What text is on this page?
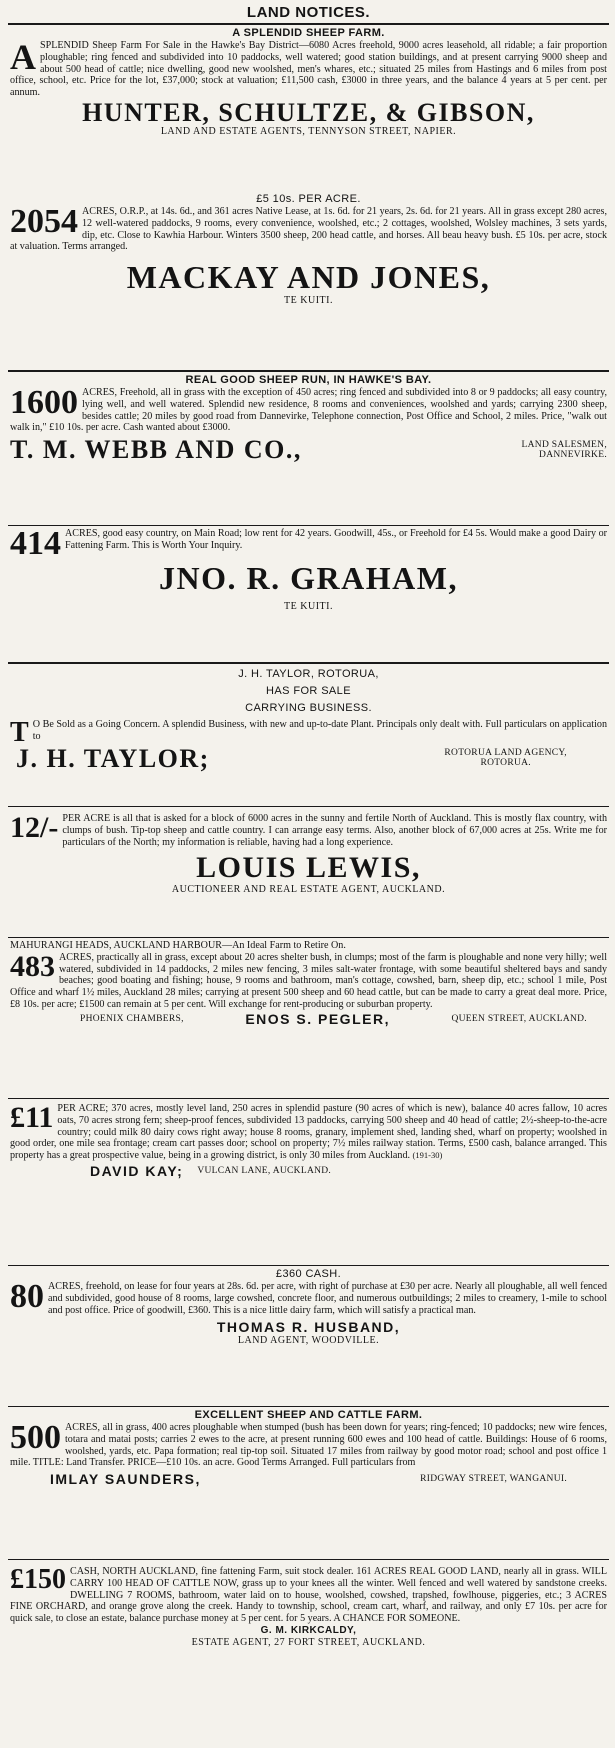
LAND NOTICES.
A SPLENDID SHEEP FARM.
A SPLENDID Sheep Farm For Sale in the Hawke's Bay District—6080 Acres freehold, 9000 acres leasehold, all ridable; a fair proportion ploughable; ring fenced and subdivided into 10 paddocks, well watered; good station buildings, and at present carrying 9000 sheep and about 500 head of cattle; nice dwelling, good new woolshed, men's whares, etc.; situated 25 miles from Hastings and 6 miles from post office, school, etc. Price for the lot, £37,000; stock at valuation; £11,500 cash, £3000 in three years, and the balance 4 years at 5 per cent. per annum.
HUNTER, SCHULTZE, & GIBSON,
LAND AND ESTATE AGENTS, TENNYSON STREET, NAPIER.
£5 10s. PER ACRE.
2054 ACRES, O.R.P., at 14s. 6d., and 361 acres Native Lease, at 1s. 6d. for 21 years, 2s. 6d. for 21 years. All in grass except 280 acres, 12 well-watered paddocks, 9 rooms, every convenience, woolshed, etc.; 2 cottages, woolshed, Wolsley machines, 3 sets yards, dip, etc. Close to Kawhia Harbour. Winters 3500 sheep, 200 head cattle, and horses. All beau heavy bush. £5 10s. per acre, stock at valuation. Terms arranged.
MACKAY AND JONES,
TE KUITI.
REAL GOOD SHEEP RUN, IN HAWKE'S BAY.
1600 ACRES, Freehold, all in grass with the exception of 450 acres; ring fenced and subdivided into 8 or 9 paddocks; all easy country, lying well, and well watered. Splendid new residence, 8 rooms and conveniences, woolshed and yards; carrying 2300 sheep, besides cattle; 20 miles by good road from Dannevirke, Telephone connection, Post Office and School, 2 miles. Price, "walk out walk in," £10 10s. per acre. Cash wanted about £3000.
T. M. WEBB AND CO.,	LAND SALESMEN,
DANNEVIRKE.
414 ACRES, good easy country, on Main Road; low rent for 42 years. Goodwill, 45s., or Freehold for £4 5s. Would make a good Dairy or Fattening Farm. This is Worth Your Inquiry.
JNO. R. GRAHAM,
TE KUITI.
J. H. TAYLOR, ROTORUA,
HAS FOR SALE
CARRYING BUSINESS.
T O Be Sold as a Going Concern. A splendid Business, with new and up-to-date Plant. Principals only dealt with. Full particulars on application to
J. H. TAYLOR;	ROTORUA LAND AGENCY,
ROTORUA.
12/- PER ACRE is all that is asked for a block of 6000 acres in the sunny and fertile North of Auckland. This is mostly flax country, with clumps of bush. Tip-top sheep and cattle country. I can arrange easy terms. Also, another block of 67,000 acres at 25s. Write me for particulars of the North; my information is reliable, having had a long experience.
LOUIS LEWIS,
AUCTIONEER AND REAL ESTATE AGENT, AUCKLAND.
MAHURANGI HEADS, AUCKLAND HARBOUR—An Ideal Farm to Retire On.
483 ACRES, practically all in grass, except about 20 acres shelter bush, in clumps; most of the farm is ploughable and none very hilly; well watered, subdivided in 14 paddocks, 2 miles new fencing, 3 miles salt-water frontage, with some beautiful sheltered bays and sandy beaches; good boating and fishing; house, 9 rooms and bathroom, man's cottage, cowshed, barn, sheep dip, etc.; school 1 mile, Post Office and wharf 1½ miles, Auckland 28 miles; carrying at present 500 sheep and 60 head cattle, but can be made to carry a great deal more. Price, £8 10s. per acre; £1500 can remain at 5 per cent. Will exchange for rent-producing or suburban property.
PHOENIX CHAMBERS,	ENOS S. PEGLER,	QUEEN STREET, AUCKLAND.
£11 PER ACRE; 370 acres, mostly level land, 250 acres in splendid pasture (90 acres of which is new), balance 40 acres fallow, 10 acres oats, 70 acres strong fern; sheep-proof fences, subdivided 13 paddocks, carrying 500 sheep and 40 head of cattle; 2½-sheep-to-the-acre country; could milk 80 dairy cows right away; house 8 rooms, granary, implement shed, landing shed, wharf on property; woolshed in good order, one mile sea frontage; cream cart passes door; school on property; 7½ miles railway station. Terms, £500 cash, balance arranged. This property has a great prospective value, being in a growing district, is only 30 miles from Auckland. (191-30)
DAVID KAY; VULCAN LANE, AUCKLAND.
£360 CASH.
80 ACRES, freehold, on lease for four years at 28s. 6d. per acre, with right of purchase at £30 per acre. Nearly all ploughable, all well fenced and subdivided, good house of 8 rooms, large cowshed, concrete floor, and numerous outbuildings; 2 miles to creamery, 1-mile to school and post office. Price of goodwill, £360. This is a nice little dairy farm, which will satisfy a practical man.
THOMAS R. HUSBAND,
LAND AGENT, WOODVILLE.
EXCELLENT SHEEP AND CATTLE FARM.
500 ACRES, all in grass, 400 acres ploughable when stumped (bush has been down for years; ring-fenced; 10 paddocks; new wire fences, totara and matai posts; carries 2 ewes to the acre, at present running 600 ewes and 100 head of cattle. Buildings: House of 6 rooms, woolshed, yards, etc. Papa formation; real tip-top soil. Situated 17 miles from railway by good motor road; school and post office 1 mile. TITLE: Land Transfer. PRICE—£10 10s. an acre. Good Terms Arranged. Full particulars from
IMLAY SAUNDERS,	RIDGWAY STREET, WANGANUI.
£150 CASH, NORTH AUCKLAND, fine fattening Farm, suit stock dealer. 161 ACRES REAL GOOD LAND, nearly all in grass. WILL CARRY 100 HEAD OF CATTLE NOW, grass up to your knees all the winter. Well fenced and well watered by sandstone creeks. DWELLING 7 ROOMS, bathroom, water laid on to house, woolshed, cowshed, trapshed, fowlhouse, piggeries, etc.; 3 ACRES FINE ORCHARD, and orange grove along the creek. Handy to township, school, cream cart, wharf, and railway, and only £7 10s. per acre for quick sale, to close an estate, balance purchase money at 5 per cent. for 5 years. A CHANCE FOR SOMEONE.
G. M. KIRKCALDY,
ESTATE AGENT, 27 FORT STREET, AUCKLAND.
